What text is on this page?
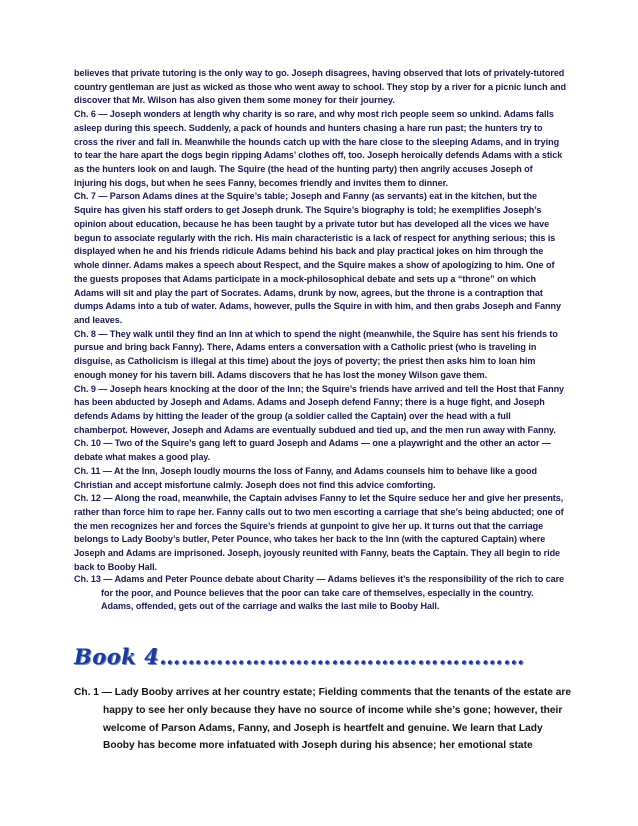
believes that private tutoring is the only way to go. Joseph disagrees, having observed that lots of privately-tutored country gentleman are just as wicked as those who went away to school. They stop by a river for a picnic lunch and discover that Mr. Wilson has also given them some money for their journey.

Ch. 6 — Joseph wonders at length why charity is so rare, and why most rich people seem so unkind. Adams falls asleep during this speech. Suddenly, a pack of hounds and hunters chasing a hare run past; the hunters try to cross the river and fall in. Meanwhile the hounds catch up with the hare close to the sleeping Adams, and in trying to tear the hare apart the dogs begin ripping Adams’ clothes off, too. Joseph heroically defends Adams with a stick as the hunters look on and laugh. The Squire (the head of the hunting party) then angrily accuses Joseph of injuring his dogs, but when he sees Fanny, becomes friendly and invites them to dinner.

Ch. 7 — Parson Adams dines at the Squire’s table; Joseph and Fanny (as servants) eat in the kitchen, but the Squire has given his staff orders to get Joseph drunk. The Squire’s biography is told; he exemplifies Joseph’s opinion about education, because he has been taught by a private tutor but has developed all the vices we have begun to associate regularly with the rich. His main characteristic is a lack of respect for anything serious; this is displayed when he and his friends ridicule Adams behind his back and play practical jokes on him through the whole dinner. Adams makes a speech about Respect, and the Squire makes a show of apologizing to him. One of the guests proposes that Adams participate in a mock-philosophical debate and sets up a “throne” on which Adams will sit and play the part of Socrates. Adams, drunk by now, agrees, but the throne is a contraption that dumps Adams into a tub of water. Adams, however, pulls the Squire in with him, and then grabs Joseph and Fanny and leaves.

Ch. 8 — They walk until they find an Inn at which to spend the night (meanwhile, the Squire has sent his friends to pursue and bring back Fanny). There, Adams enters a conversation with a Catholic priest (who is traveling in disguise, as Catholicism is illegal at this time) about the joys of poverty; the priest then asks him to loan him enough money for his tavern bill. Adams discovers that he has lost the money Wilson gave them.

Ch. 9 — Joseph hears knocking at the door of the Inn; the Squire’s friends have arrived and tell the Host that Fanny has been abducted by Joseph and Adams. Adams and Joseph defend Fanny; there is a huge fight, and Joseph defends Adams by hitting the leader of the group (a soldier called the Captain) over the head with a full chamberpot. However, Joseph and Adams are eventually subdued and tied up, and the men run away with Fanny.

Ch. 10 — Two of the Squire’s gang left to guard Joseph and Adams — one a playwright and the other an actor — debate what makes a good play.

Ch. 11 — At the Inn, Joseph loudly mourns the loss of Fanny, and Adams counsels him to behave like a good Christian and accept misfortune calmly. Joseph does not find this advice comforting.

Ch. 12 — Along the road, meanwhile, the Captain advises Fanny to let the Squire seduce her and give her presents, rather than force him to rape her. Fanny calls out to two men escorting a carriage that she’s being abducted; one of the men recognizes her and forces the Squire’s friends at gunpoint to give her up. It turns out that the carriage belongs to Lady Booby’s butler, Peter Pounce, who takes her back to the Inn (with the captured Captain) where Joseph and Adams are imprisoned. Joseph, joyously reunited with Fanny, beats the Captain. They all begin to ride back to Booby Hall.

Ch. 13 — Adams and Peter Pounce debate about Charity — Adams believes it’s the responsibility of the rich to care for the poor, and Pounce believes that the poor can take care of themselves, especially in the country. Adams, offended, gets out of the carriage and walks the last mile to Booby Hall.

Book 4……………………………………………

Ch. 1 — Lady Booby arrives at her country estate; Fielding comments that the tenants of the estate are happy to see her only because they have no source of income while she’s gone; however, their welcome of Parson Adams, Fanny, and Joseph is heartfelt and genuine. We learn that Lady Booby has become more infatuated with Joseph during his absence; her emotional state
